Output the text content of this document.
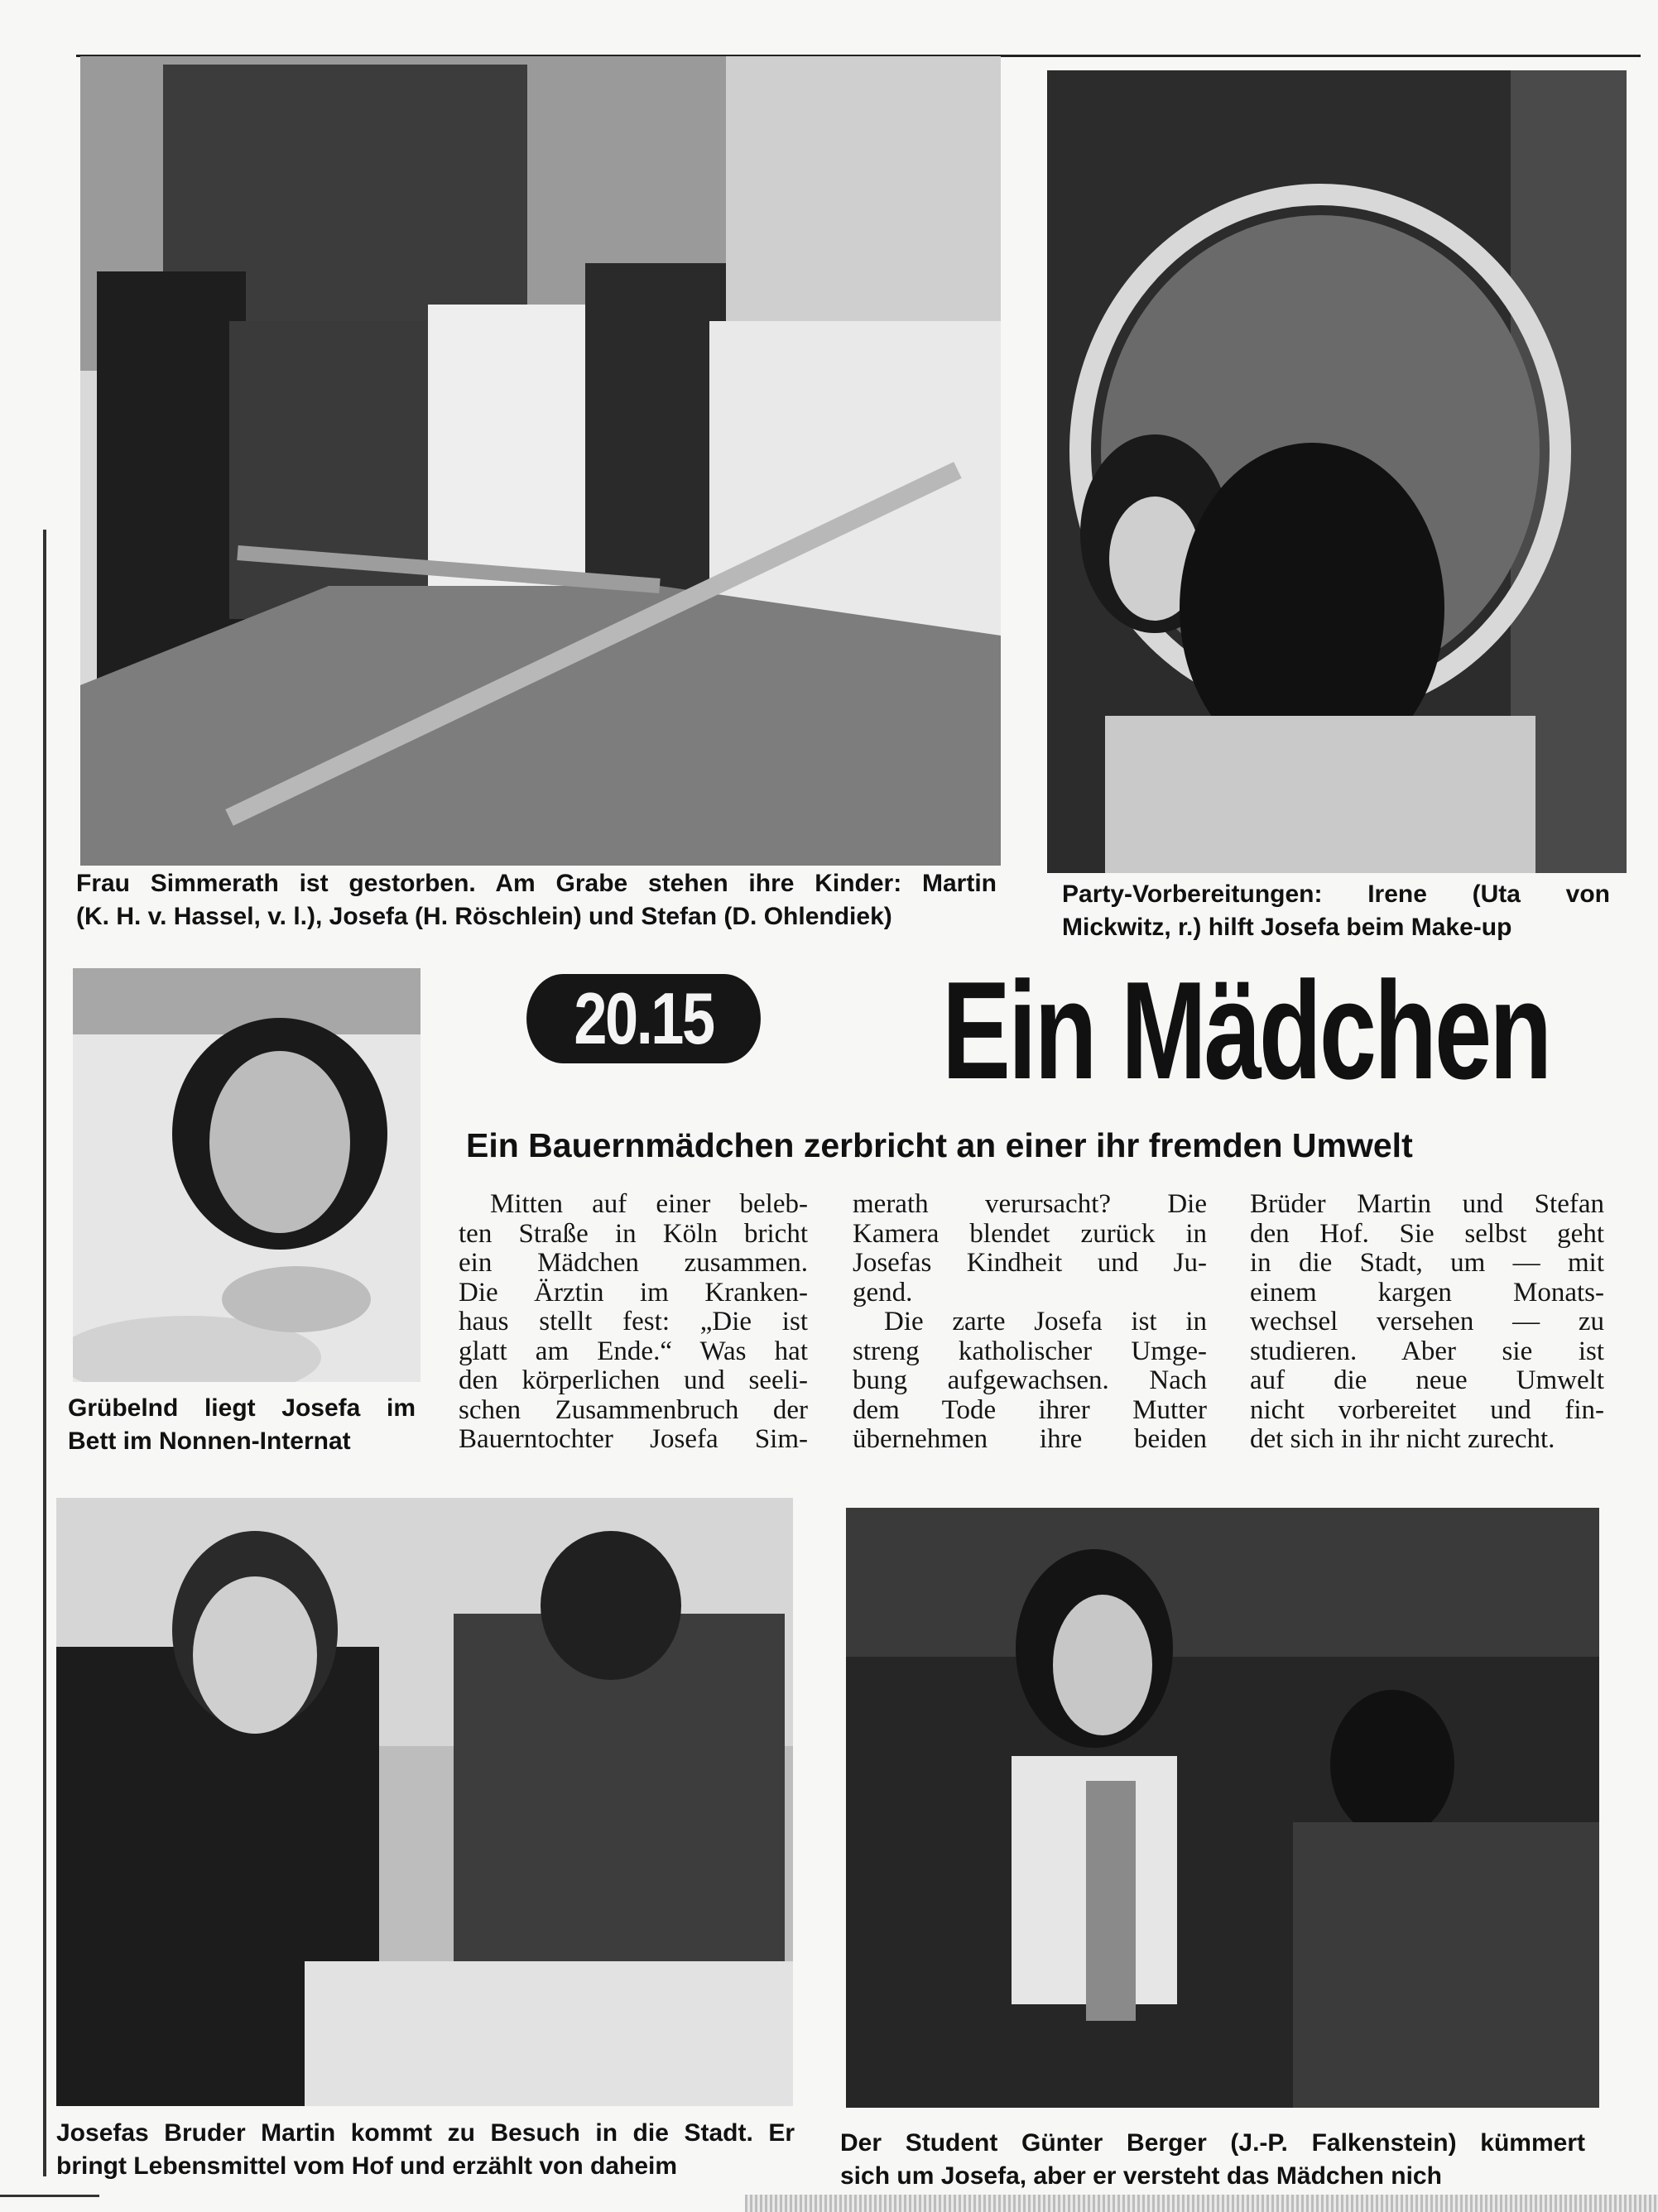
Frau Simmerath ist gestorben. Am Grabe stehen ihre Kinder: Martin
(K. H. v. Hassel, v. l.), Josefa (H. Röschlein) und Stefan (D. Ohlendiek)
Party-Vorbereitungen: Irene (Uta von
Mickwitz, r.) hilft Josefa beim Make-up
Grübelnd liegt Josefa im
Bett im Nonnen-Internat
20.15	Ein Mädchen
Ein Bauernmädchen zerbricht an einer ihr fremden Umwelt
Mitten auf einer beleb-
ten Straße in Köln bricht
ein Mädchen zusammen.
Die Ärztin im Kranken-
haus stellt fest: „Die ist
glatt am Ende.“ Was hat
den körperlichen und seeli-
schen Zusammenbruch der
Bauerntochter Josefa Sim-
merath verursacht? Die
Kamera blendet zurück in
Josefas Kindheit und Ju-
gend.
Die zarte Josefa ist in
streng katholischer Umge-
bung aufgewachsen. Nach
dem Tode ihrer Mutter
übernehmen ihre beiden
Brüder Martin und Stefan
den Hof. Sie selbst geht
in die Stadt, um — mit
einem kargen Monats-
wechsel versehen — zu
studieren. Aber sie ist
auf die neue Umwelt
nicht vorbereitet und fin-
det sich in ihr nicht zurecht.
Josefas Bruder Martin kommt zu Besuch in die Stadt. Er
bringt Lebensmittel vom Hof und erzählt von daheim
Der Student Günter Berger (J.-P. Falkenstein) kümmert
sich um Josefa, aber er versteht das Mädchen nich
